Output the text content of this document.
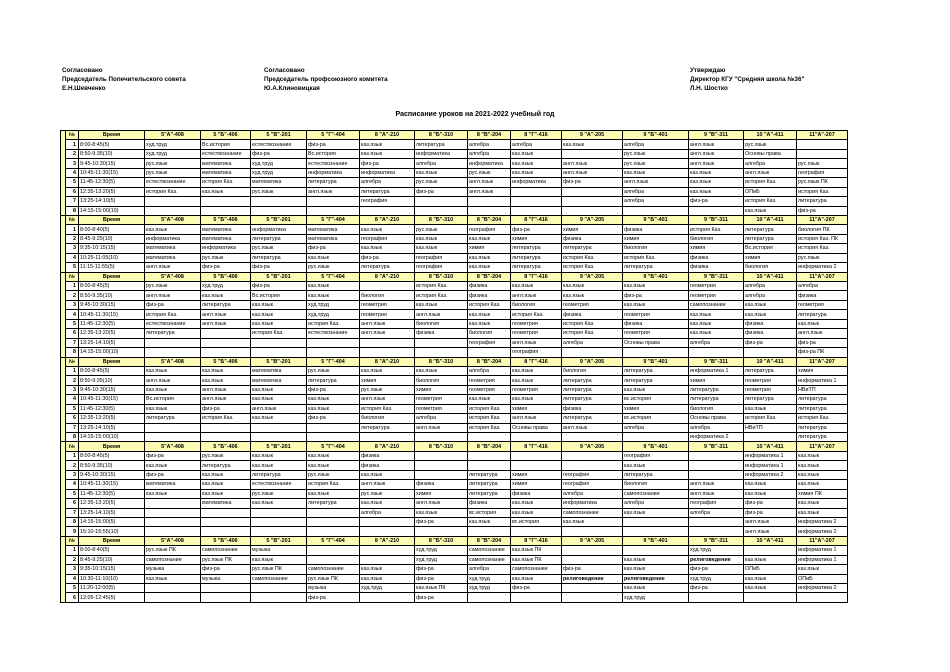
Согласовано
Председатель Попечительского совета
Е.Н.Шевченко
Согласовано
Председатель профсоюзного комитета
Ю.А.Клиновицкая
Утверждаю
Директор КГУ "Средняя школа №36"
Л.Н. Шостко
Расписание уроков на 2021-2022 учебный год
	№	Время	5"А"-408	5 "Б"-406	5 "В"-201	5 "Г"-404	8 "А"-210	8 "Б"-310	8 "В"-204	8 "Г"-416	9 "А"-205	9 "Б"-401	9 "В"-311	10 "А"-411	11"А"-207
	1	8:00-8:45(5)	худ.труд	Вс.история	естествознание	физ-ра	каз.язык	литература	алгебра	алгебра	каз.язык	алгебра	англ.язык	рус.язык	
	2	8:50-9:35(10)	худ.труд	естествознание	физ-ра	Вс.история	каз.язык	информатика	алгебра	каз.язык		рус.язык	англ.язык	Основы права	
	3	9:45-10:30(15)	рус.язык	математика	худ.труд	естествознание	физ-ра	алгебра	информатика	каз.язык	англ.язык	рус.язык	англ.язык	алгебра	рус.язык
	4	10:45-11:30(15)	рус.язык	математика	худ.труд	информатика	информатика	каз.язык	рус.язык	каз.язык	англ.язык	каз.язык	каз.язык	англ.язык	география
	5	11:45-12:30(5)	естествознание	история Каз.	математика	литература	алгебра	рус.язык	англ.язык	информатика	физ-ра	англ.язык	каз.язык	история Каз.	рус.язык ПК
	6	12:35-13:20(5)	история Каз.	каз.язык	рус.язык	англ.язык	литература	физ-ра	англ.язык			алгебра	каз.язык	ОПиБ	история Каз.
	7	13:25-14:10(5)					география					алгебра	физ-ра	история Каз.	литература
	8	14:15-15:00(10)												каз.язык	физ-ра
	№	Время	5"А"-408	5 "Б"-406	5 "В"-201	5 "Г"-404	8 "А"-210	8 "Б"-310	8 "В"-204	8 "Г"-416	9 "А"-205	9 "Б"-401	9 "В"-311	10 "А"-411	11"А"-207
	1	8:00-8:40(5)	каз.язык	математика	информатика	математика	каз.язык	рус.язык	география	физ-ра	химия	физика	история Каз.	литература	биология ПК
	2	8:45-9:25(10)	информатика	математика	литература	математика	география	каз.язык	каз.язык	химия	физика	химия	биология	литература	история Каз. ПК
	3	9:35-10:15(15)	математика	информатика	рус.язык	физ-ра	каз.язык	каз.язык	химия	литература	литература	биология	химия	Вс.история	история Каз.
	4	10:25-11:05(10)	математика	рус.язык	литература	каз.язык	физ-ра	география	каз.язык	литература	история Каз.	история Каз.	физика	химия	рус.язык
	5	11:15-11:55(5)	англ.язык	физ-ра	физ-ра	рус.язык	литература	география	каз.язык	литература	история Каз.	литература	физика	биология	информатика 2
	№	Время	5"А"-408	5 "Б"-406	5 "В"-201	5 "Г"-404	8 "А"-210	8 "Б"-310	8 "В"-204	8 "Г"-416	9 "А"-205	9 "Б"-401	9 "В"-311	10 "А"-411	11"А"-207
	1	8:00-8:45(5)	рус.язык	худ.труд	физ-ра	каз.язык		история Каз.	физика	каз.язык	каз.язык	каз.язык	геометрия	алгебра	алгебра
	2	8:50-9:35(10)	англ.язык	каз.язык	Вс.история	каз.язык	биология	история Каз.	физика	англ.язык	каз.язык	физ-ра	геометрия	алгебра	физика
	3	9:45-10:30(15)	физ-ра	литература	каз.язык	худ.труд	геометрия	каз.язык	история Каз.	биология	геометрия	каз.язык	самопознание	каз.язык	геометрия
	4	10:45-11:30(15)	история Каз.	англ.язык	каз.язык	худ.труд	геометрия	англ.язык	каз.язык	история Каз.	физика	геометрия	каз.язык	каз.язык	литература
	5	11:45-12:30(5)	естествознание	англ.язык	каз.язык	история Каз.	англ.язык	биология	каз.язык	геометрия	история Каз.	физика	каз.язык	физика	каз.язык
	6	12:35-13:20(5)	литература		история Каз.	естествознание	англ.язык	физика	биология	геометрия	история Каз.	геометрия	каз.язык	физика	англ.язык
	7	13:25-14:10(5)							география	англ.язык	алгебра	Основы права	алгебра	физ-ра	физ-ра
	8	14:15-15:00(10)								география					физ-ра ПК
	№	Время	5"А"-408	5 "Б"-406	5 "В"-201	5 "Г"-404	8 "А"-210	8 "Б"-310	8 "В"-204	8 "Г"-416	9 "А"-205	9 "Б"-401	9 "В"-311	10 "А"-411	11"А"-207
	1	8:00-8:45(5)	каз.язык	каз.язык	математика	рус.язык	каз.язык	каз.язык	алгебра	каз.язык	биология	литература	информатика 1	литература	химия
	2	8:50-9:35(10)	англ.язык	каз.язык	математика	литература	химия	биология	геометрия	каз.язык	литература	литература	химия	геометрия	информатика 1
	3	9:45-10:30(15)	каз.язык	англ.язык	каз.язык	физ-ра	рус.язык	химия	геометрия	геометрия	литература	каз.язык	литература	геометрия	НВиТП
	4	10:45-11:30(15)	Вс.история	англ.язык	каз.язык	каз.язык	англ.язык	геометрия	каз.язык	каз.язык	литература	вс.история	литература	литература	литература
	5	11:45-12:30(5)	каз.язык	физ-ра	англ.язык	каз.язык	история Каз.	геометрия	история Каз.	химия	физика	химия	биология	каз.язык	литература
	6	12:35-13:20(5)	литература	история Каз.	каз.язык	физ-ра	биология	алгебра	история Каз.	англ.язык	литература	вс.история	Основы права	история Каз.	история Каз.
	7	13:25-14:10(5)					литература	англ.язык	история Каз.	Основы права	англ.язык	алгебра	алгебра	НВиТП	литература
	8	14:15-15:00(10)											информатика 2		литература
	№	Время	5"А"-408	5 "Б"-406	5 "В"-201	5 "Г"-404	8 "А"-210	8 "Б"-310	8 "В"-204	8 "Г"-416	9 "А"-205	9 "Б"-401	9 "В"-311	10 "А"-411	11"А"-207
	1	8:00-8:45(5)	физ-ра	рус.язык	каз.язык	каз.язык	физика					география		информатика 1	каз.язык
	2	8:50-9:35(10)	каз.язык	литература	каз.язык	каз.язык	физика					каз.язык		информатика 1	каз.язык
	3	9:45-10:30(15)	физ-ра	каз.язык	литература	рус.язык	каз.язык		литература	химия	география	литература		информатика 2	каз.язык
	4	10:45-11:30(15)	математика	каз.язык	естествознание	история Каз.	англ.язык	физика	литература	химия	география	биология	англ.язык	каз.язык	каз.язык
	5	11:45-12:30(5)	каз.язык	каз.язык	рус.язык	каз.язык	рус.язык	химия	литература	физика	алгебра	самопознание	англ.язык	каз.язык	химия ПК
	6	12:35-13:20(5)		математика	каз.язык	литература	каз.язык	англ.язык	физика	каз.язык	информатика	алгебра	география	физ-ра	каз.язык
	7	13:25-14:10(5)					алгебра	каз.язык	вс.история	каз.язык	самопознание	каз.язык	алгебра	физ-ра	каз.язык
	8	14:15-15:00(5)						физ-ра	каз.язык	вс.история	каз.язык			англ.язык	информатика 2
	9	15:10-15:55(10)												англ.язык	информатика 2
	№	Время	5"А"-408	5 "Б"-406	5 "В"-201	5 "Г"-404	8 "А"-210	8 "Б"-310	8 "В"-204	8 "Г"-416	9 "А"-205	9 "Б"-401	9 "В"-311	10 "А"-411	11"А"-207
	1	8:00-8:40(5)	рус.язык ПК	самопознание	музыка			худ.труд	самопознание	каз.язык ПК			худ.труд		информатика 1
	2	8:45-9:25(10)	самопознание	рус.язык ПК	каз.язык			худ.труд	самопознание	каз.язык ПК		каз.язык	религоведение	каз.язык	информатика 1
	3	9:35-10:15(15)	музыка	физ-ра	рус.язык ПК	самопознание	каз.язык	физ-ра	алгебра	самопознание	физ-ра	каз.язык	физ-ра	ОПиБ	каз.язык
	4	10:30-11:10(10)	каз.язык	музыка	самопознание	рус.язык ПК	каз.язык	физ-ра	худ.труд	каз.язык	религоведение	религоведение	худ.труд	каз.язык	ОПиБ
	5	11:20-12:00(5)				музыка	худ.труд	каз.язык ПК	худ.труд	физ-ра		каз.язык	физ-ра	каз.язык	информатика 2
	6	12:05-12:45(5)				физ-ра		физ-ра				худ.труд			
